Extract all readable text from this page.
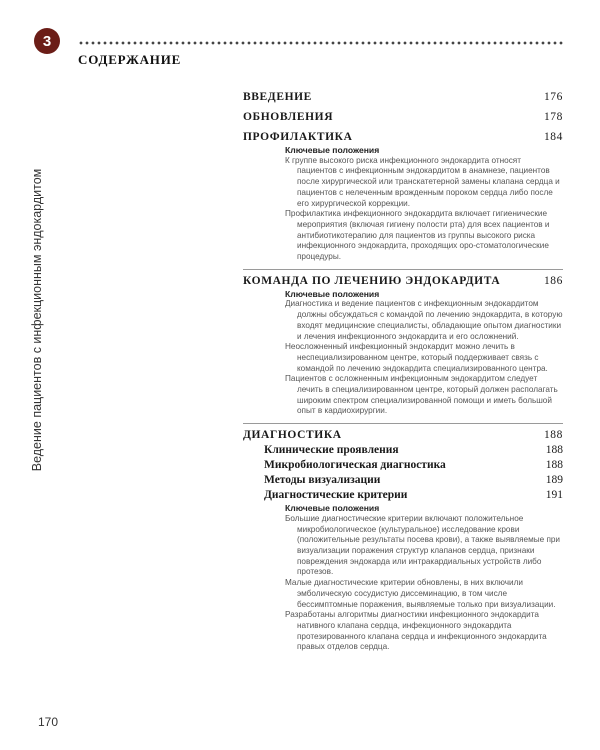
3
Ведение пациентов с инфекционным эндокардитом
СОДЕРЖАНИЕ
ВВЕДЕНИЕ	176
ОБНОВЛЕНИЯ	178
ПРОФИЛАКТИКА	184
Ключевые положения
К группе высокого риска инфекционного эндокардита относят пациентов с инфекционным эндокардитом в анамнезе, пациентов после хирургической или транскатетерной замены клапана сердца и пациентов с нелеченным врожденным пороком сердца либо после его хирургической коррекции.
Профилактика инфекционного эндокардита включает гигиенические мероприятия (включая гигиену полости рта) для всех пациентов и антибиотикотерапию для пациентов из группы высокого риска инфекционного эндокардита, проходящих оро-стоматологические процедуры.
КОМАНДА ПО ЛЕЧЕНИЮ ЭНДОКАРДИТА	186
Ключевые положения
Диагностика и ведение пациентов с инфекционным эндокардитом должны обсуждаться с командой по лечению эндокардита, в которую входят медицинские специалисты, обладающие опытом диагностики и лечения инфекционного эндокардита и его осложнений.
Неосложненный инфекционный эндокардит можно лечить в неспециализированном центре, который поддерживает связь с командой по лечению эндокардита специализированного центра.
Пациентов с осложненным инфекционным эндокардитом следует лечить в специализированном центре, который должен располагать широким спектром специализированной помощи и иметь большой опыт в кардиохирургии.
ДИАГНОСТИКА	188
Клинические проявления	188
Микробиологическая диагностика	188
Методы визуализации	189
Диагностические критерии	191
Ключевые положения
Большие диагностические критерии включают положительное микробиологическое (культуральное) исследование крови (положительные результаты посева крови), а также выявляемые при визуализации поражения структур клапанов сердца, признаки повреждения эндокарда или интракардиальных устройств либо протезов.
Малые диагностические критерии обновлены, в них включили эмболическую сосудистую диссеминацию, в том числе бессимптомные поражения, выявляемые только при визуализации.
Разработаны алгоритмы диагностики инфекционного эндокардита нативного клапана сердца, инфекционного эндокардита протезированного клапана сердца и инфекционного эндокардита правых отделов сердца.
170
